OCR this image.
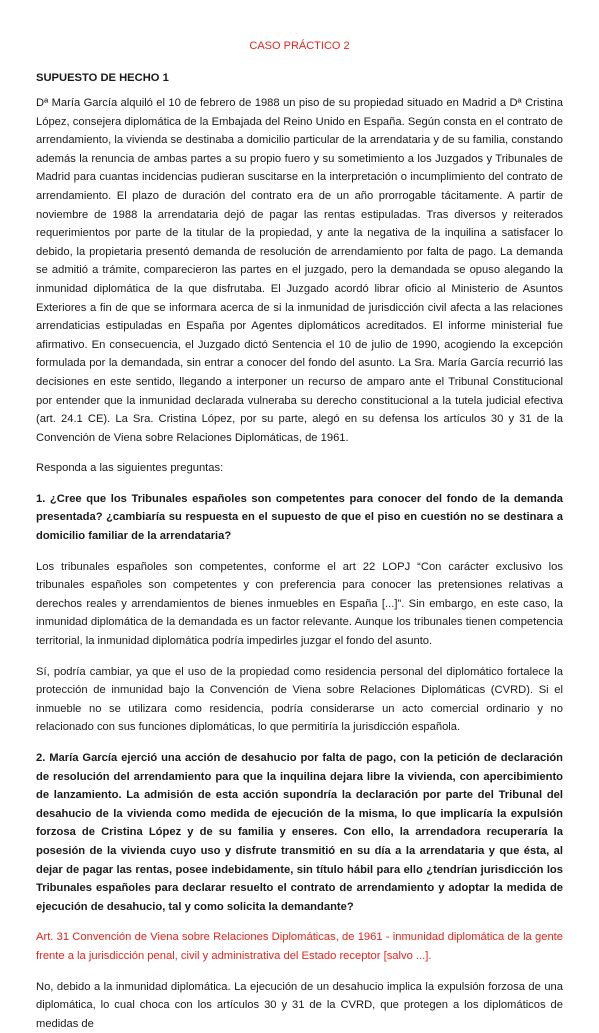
CASO PRÁCTICO 2
SUPUESTO DE HECHO 1

Dª María García alquiló el 10 de febrero de 1988 un piso de su propiedad situado en Madrid a Dª Cristina López, consejera diplomática de la Embajada del Reino Unido en España. Según consta en el contrato de arrendamiento, la vivienda se destinaba a domicilio particular de la arrendataria y de su familia, constando además la renuncia de ambas partes a su propio fuero y su sometimiento a los Juzgados y Tribunales de Madrid para cuantas incidencias pudieran suscitarse en la interpretación o incumplimiento del contrato de arrendamiento. El plazo de duración del contrato era de un año prorrogable tácitamente. A partir de noviembre de 1988 la arrendataria dejó de pagar las rentas estipuladas. Tras diversos y reiterados requerimientos por parte de la titular de la propiedad, y ante la negativa de la inquilina a satisfacer lo debido, la propietaria presentó demanda de resolución de arrendamiento por falta de pago. La demanda se admitió a trámite, comparecieron las partes en el juzgado, pero la demandada se opuso alegando la inmunidad diplomática de la que disfrutaba. El Juzgado acordó librar oficio al Ministerio de Asuntos Exteriores a fin de que se informara acerca de si la inmunidad de jurisdicción civil afecta a las relaciones arrendaticias estipuladas en España por Agentes diplomáticos acreditados. El informe ministerial fue afirmativo. En consecuencia, el Juzgado dictó Sentencia el 10 de julio de 1990, acogiendo la excepción formulada por la demandada, sin entrar a conocer del fondo del asunto. La Sra. María García recurrió las decisiones en este sentido, llegando a interponer un recurso de amparo ante el Tribunal Constitucional por entender que la inmunidad declarada vulneraba su derecho constitucional a la tutela judicial efectiva (art. 24.1 CE). La Sra. Cristina López, por su parte, alegó en su defensa los artículos 30 y 31 de la Convención de Viena sobre Relaciones Diplomáticas, de 1961.

Responda a las siguientes preguntas:

1. ¿Cree que los Tribunales españoles son competentes para conocer del fondo de la demanda presentada? ¿cambiaría su respuesta en el supuesto de que el piso en cuestión no se destinara a domicilio familiar de la arrendataria?

Los tribunales españoles son competentes, conforme el art 22 LOPJ “Con carácter exclusivo los tribunales españoles son competentes y con preferencia para conocer las pretensiones relativas a derechos reales y arrendamientos de bienes inmuebles en España [...]”. Sin embargo, en este caso, la inmunidad diplomática de la demandada es un factor relevante. Aunque los tribunales tienen competencia territorial, la inmunidad diplomática podría impedirles juzgar el fondo del asunto.

Sí, podría cambiar, ya que el uso de la propiedad como residencia personal del diplomático fortalece la protección de inmunidad bajo la Convención de Viena sobre Relaciones Diplomáticas (CVRD). Si el inmueble no se utilizara como residencia, podría considerarse un acto comercial ordinario y no relacionado con sus funciones diplomáticas, lo que permitiría la jurisdicción española.

2. María García ejerció una acción de desahucio por falta de pago, con la petición de declaración de resolución del arrendamiento para que la inquilina dejara libre la vivienda, con apercibimiento de lanzamiento. La admisión de esta acción supondría la declaración por parte del Tribunal del desahucio de la vivienda como medida de ejecución de la misma, lo que implicaría la expulsión forzosa de Cristina López y de su familia y enseres. Con ello, la arrendadora recuperaría la posesión de la vivienda cuyo uso y disfrute transmitió en su día a la arrendataria y que ésta, al dejar de pagar las rentas, posee indebidamente, sin título hábil para ello ¿tendrían jurisdicción los Tribunales españoles para declarar resuelto el contrato de arrendamiento y adoptar la medida de ejecución de desahucio, tal y como solicita la demandante?

Art. 31 Convención de Viena sobre Relaciones Diplomáticas, de 1961 - inmunidad diplomática de la gente frente a la jurisdicción penal, civil y administrativa del Estado receptor [salvo ...].

No, debido a la inmunidad diplomática. La ejecución de un desahucio implica la expulsión forzosa de una diplomática, lo cual choca con los artículos 30 y 31 de la CVRD, que protegen a los diplomáticos de medidas de
